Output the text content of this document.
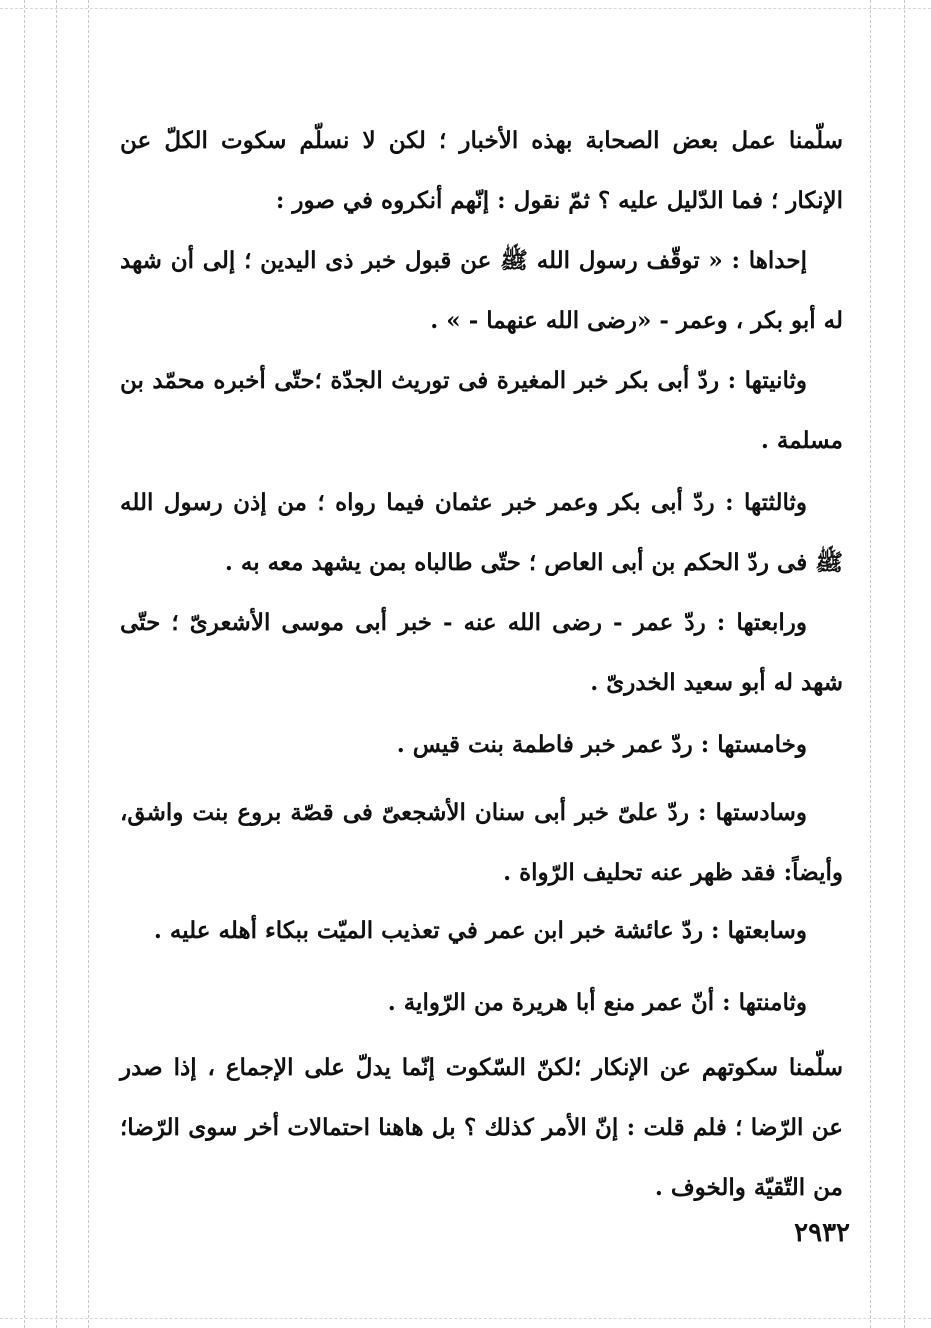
سلّمنا عمل بعض الصحابة بهذه الأخبار ؛ لكن لا نسلّم سكوت الكلّ عن الإنكار ؛ فما الدّليل عليه ؟ ثمّ نقول : إنّهم أنكروه في صور :

إحداها : « توقّف رسول الله ﷺ عن قبول خبر ذى اليدين ؛ إلى أن شهد له أبو بكر ، وعمر - «رضى الله عنهما - » .

وثانيتها : ردّ أبى بكر خبر المغيرة فى توريث الجدّة ؛حتّى أخبره محمّد بن مسلمة .

وثالثتها : ردّ أبى بكر وعمر خبر عثمان فيما رواه ؛ من إذن رسول الله ﷺ فى ردّ الحكم بن أبى العاص ؛ حتّى طالباه بمن يشهد معه به .

ورابعتها : ردّ عمر - رضى الله عنه - خبر أبى موسى الأشعرىّ ؛ حتّى شهد له أبو سعيد الخدرىّ .

وخامستها : ردّ عمر خبر فاطمة بنت قيس .

وسادستها : ردّ علىّ خبر أبى سنان الأشجعىّ فى قصّة بروع بنت واشق، وأيضاً: فقد ظهر عنه تحليف الرّواة .

وسابعتها : ردّ عائشة خبر ابن عمر في تعذيب الميّت ببكاء أهله عليه .

وثامنتها : أنّ عمر منع أبا هريرة من الرّواية .

سلّمنا سكوتهم عن الإنكار ؛لكنّ السّكوت إنّما يدلّ على الإجماع ، إذا صدر عن الرّضا ؛ فلم قلت : إنّ الأمر كذلك ؟ بل هاهنا احتمالات أخر سوى الرّضا؛ من التّقيّة والخوف .

٢٩٣٢
